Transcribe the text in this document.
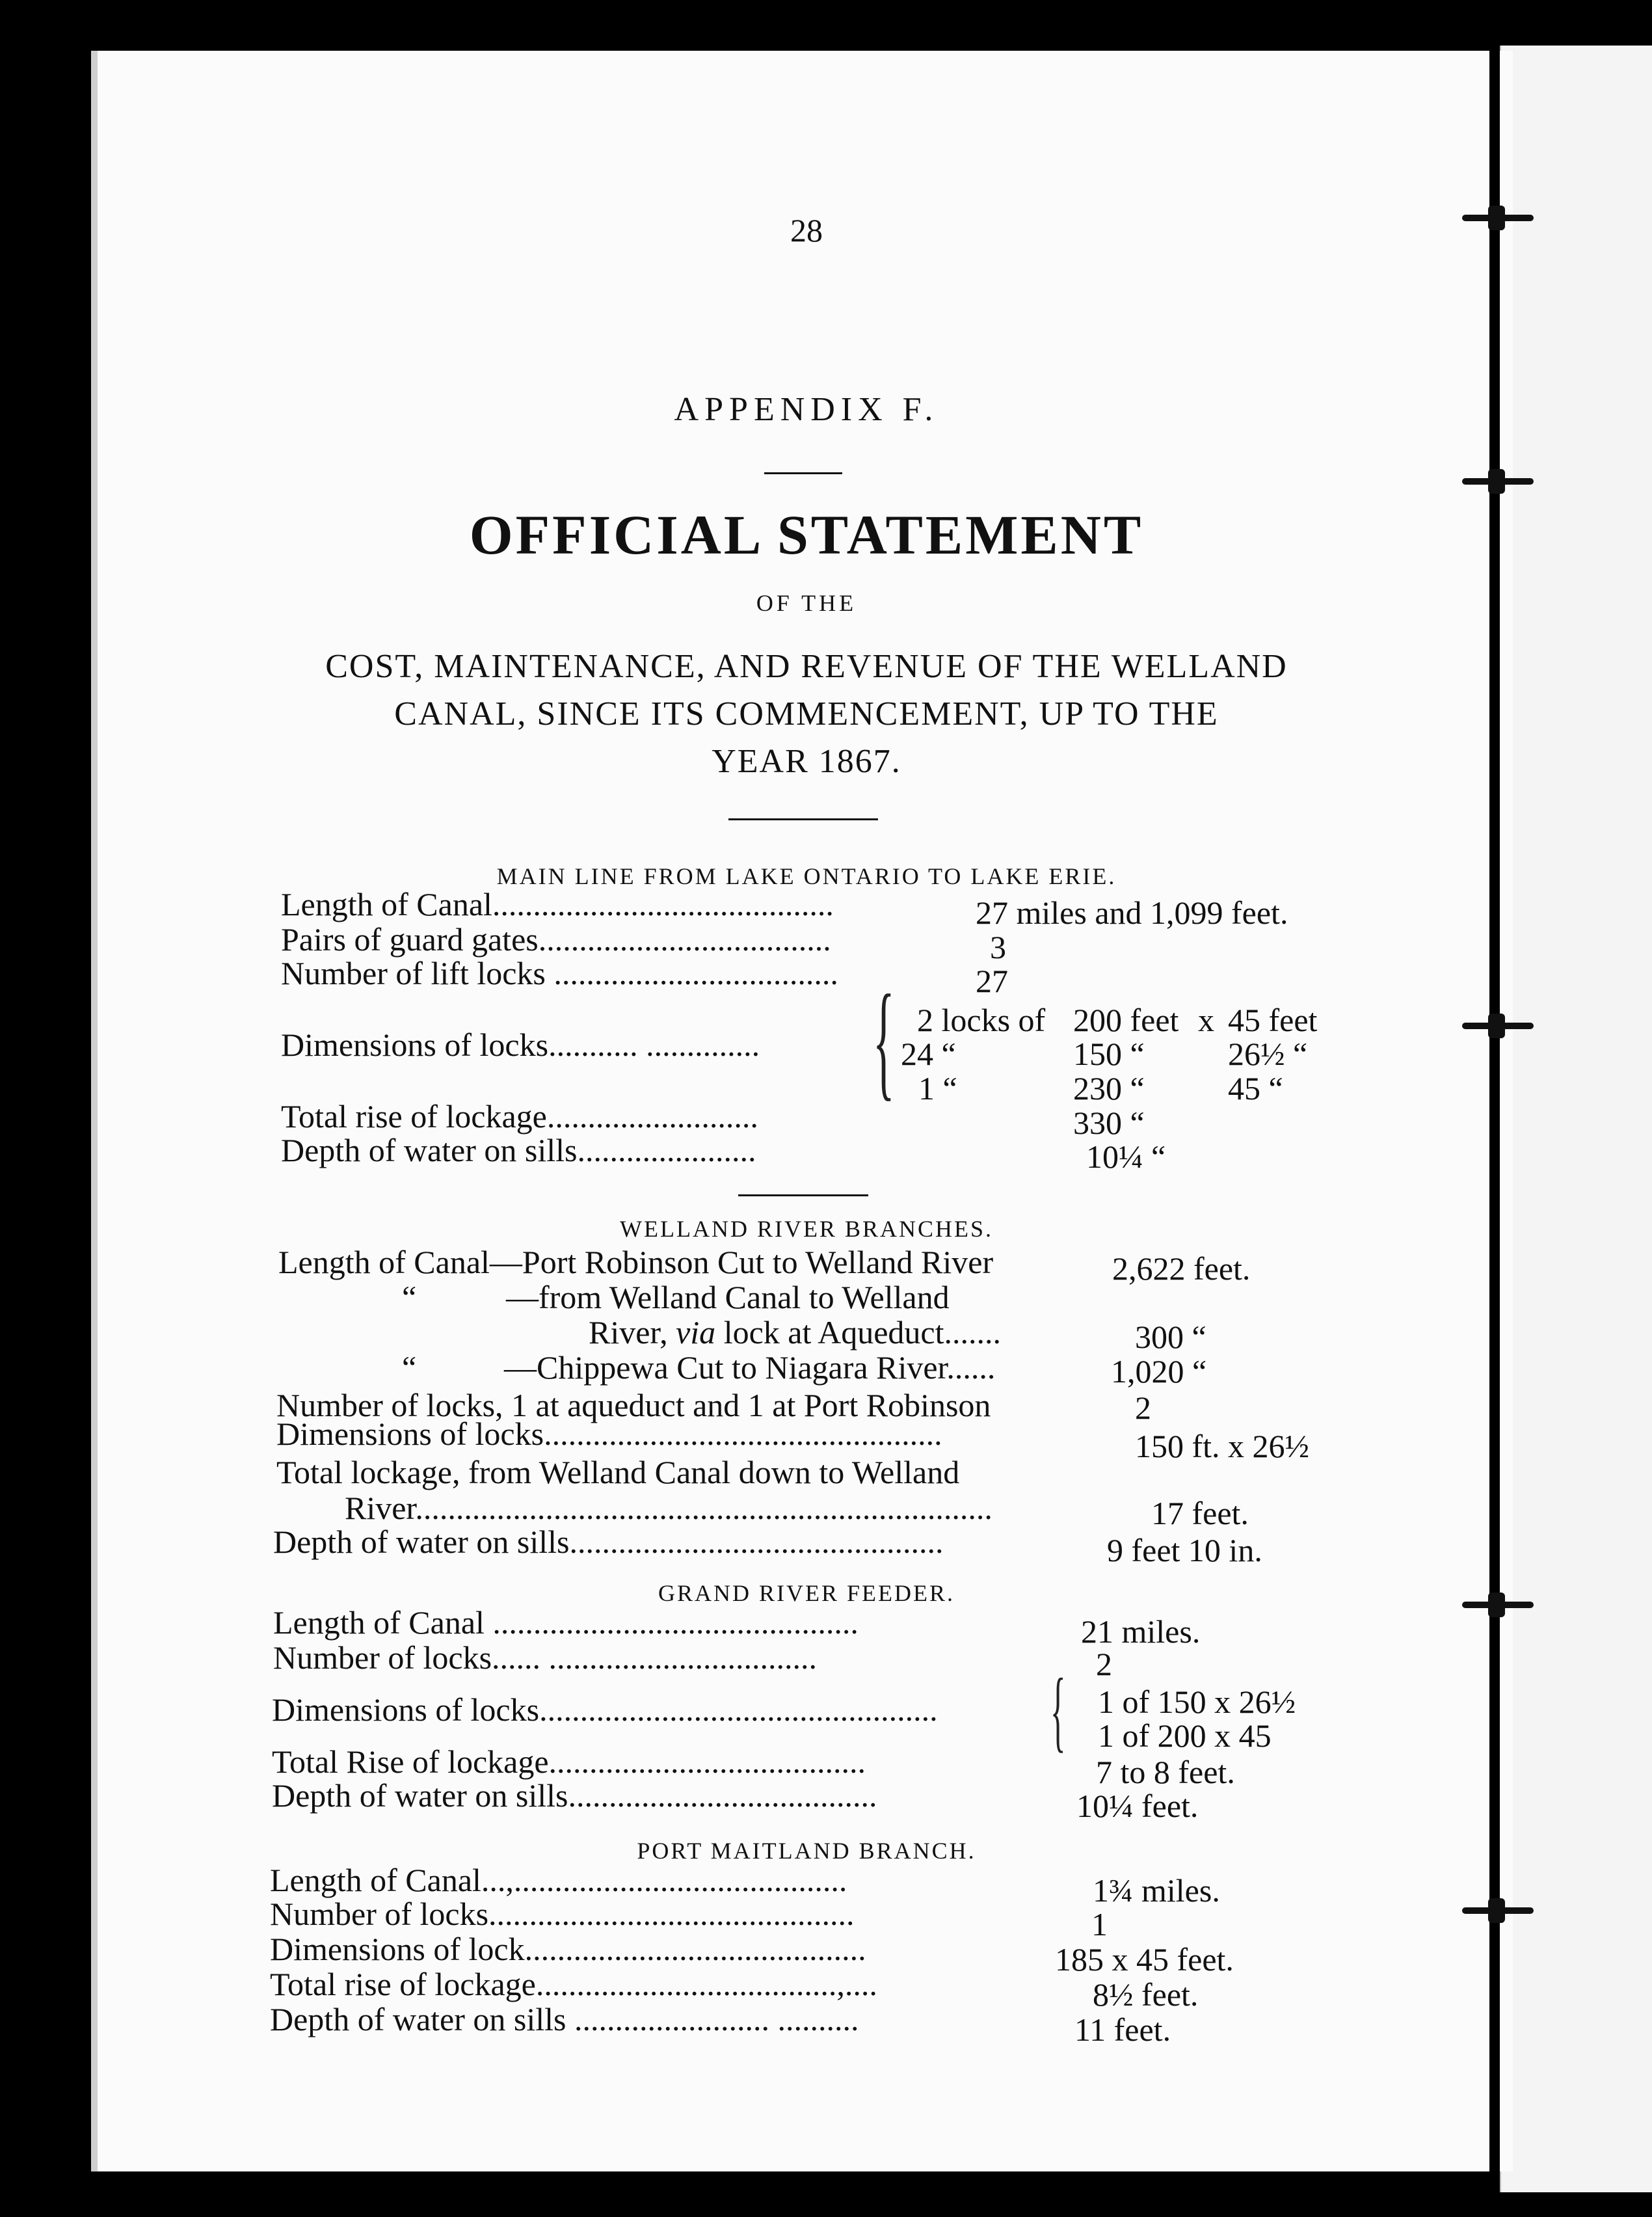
28
APPENDIX F.
OFFICIAL STATEMENT
OF THE
COST, MAINTENANCE, AND REVENUE OF THE WELLAND
CANAL, SINCE ITS COMMENCEMENT, UP TO THE
YEAR 1867.
MAIN LINE FROM LAKE ONTARIO TO LAKE ERIE.
Length of Canal..........................................	27 miles and 1,099 feet.
Pairs of guard gates....................................	3
Number of lift locks ...................................	27
Dimensions of locks........... .............. { 2 locks of 200 feet x 45 feet
24 “	150 “	26½ “
1 “	230 “	45 “
Total rise of lockage..........................	330 “
Depth of water on sills......................	10¼ “
WELLAND RIVER BRANCHES.
Length of Canal—Port Robinson Cut to Welland River	2,622 feet.
“	—from Welland Canal to Welland
River, via lock at Aqueduct.......	300 “
“	—Chippewa Cut to Niagara River......	1,020 “
Number of locks, 1 at aqueduct and 1 at Port Robinson	2
Dimensions of locks.................................................	150 ft. x 26½
Total lockage, from Welland Canal down to Welland
River.......................................................................	17 feet.
Depth of water on sills..............................................	9 feet 10 in.
GRAND RIVER FEEDER.
Length of Canal .............................................	21 miles.
Number of locks...... .................................	2
Dimensions of locks................................................. { 1 of 150 x 26½
1 of 200 x 45
Total Rise of lockage.......................................	7 to 8 feet.
Depth of water on sills......................................	10¼ feet.
PORT MAITLAND BRANCH.
Length of Canal...,.........................................	1¾ miles.
Number of locks.............................................	1
Dimensions of lock..........................................	185 x 45 feet.
Total rise of lockage.....................................,....	8½ feet.
Depth of water on sills ........................ ..........	11 feet.
